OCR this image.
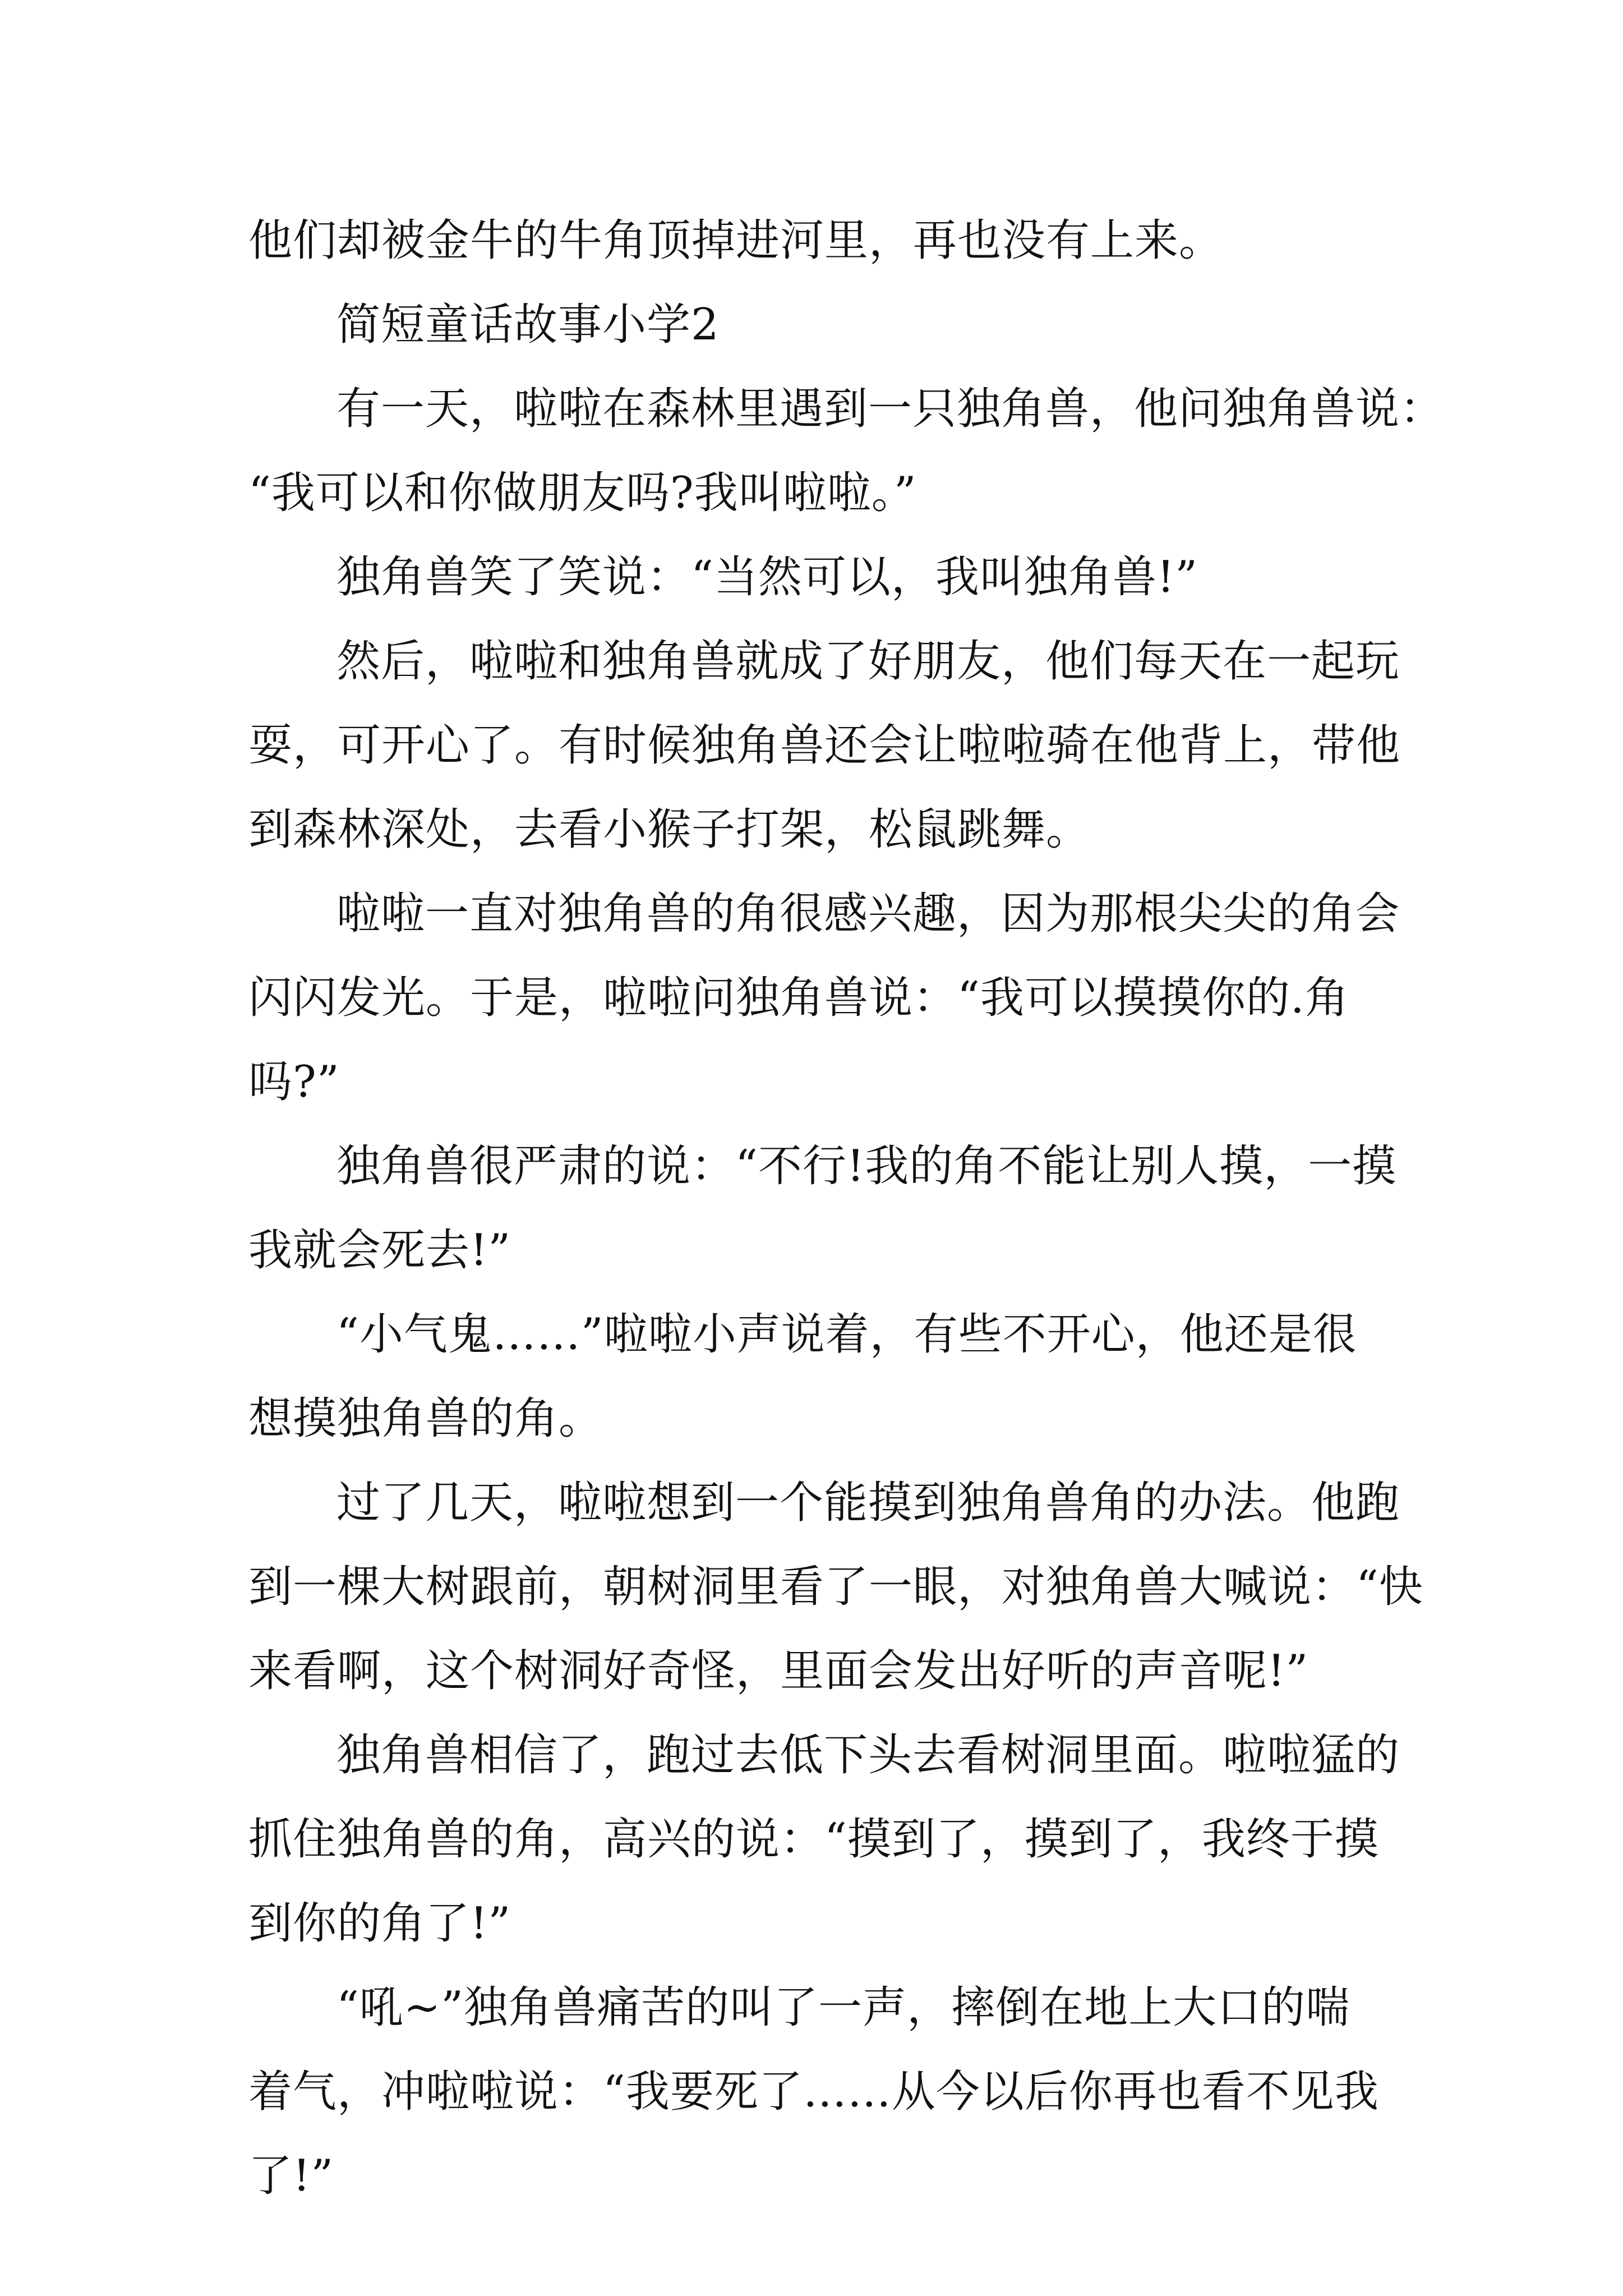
他们却被金牛的牛角顶掉进河里，再也没有上来。
简短童话故事小学2
有一天，啦啦在森林里遇到一只独角兽，他问独角兽说：
“我可以和你做朋友吗?我叫啦啦。”
独角兽笑了笑说：“当然可以，我叫独角兽!”
然后，啦啦和独角兽就成了好朋友，他们每天在一起玩
耍，可开心了。有时候独角兽还会让啦啦骑在他背上，带他
到森林深处，去看小猴子打架，松鼠跳舞。
啦啦一直对独角兽的角很感兴趣，因为那根尖尖的角会
闪闪发光。于是，啦啦问独角兽说：“我可以摸摸你的.角
吗?”
独角兽很严肃的说：“不行!我的角不能让别人摸，一摸
我就会死去!”
“小气鬼……”啦啦小声说着，有些不开心，他还是很
想摸独角兽的角。
过了几天，啦啦想到一个能摸到独角兽角的办法。他跑
到一棵大树跟前，朝树洞里看了一眼，对独角兽大喊说：“快
来看啊，这个树洞好奇怪，里面会发出好听的声音呢!”
独角兽相信了，跑过去低下头去看树洞里面。啦啦猛的
抓住独角兽的角，高兴的说：“摸到了，摸到了，我终于摸
到你的角了!”
“吼~”独角兽痛苦的叫了一声，摔倒在地上大口的喘
着气，冲啦啦说：“我要死了……从今以后你再也看不见我
了!”
